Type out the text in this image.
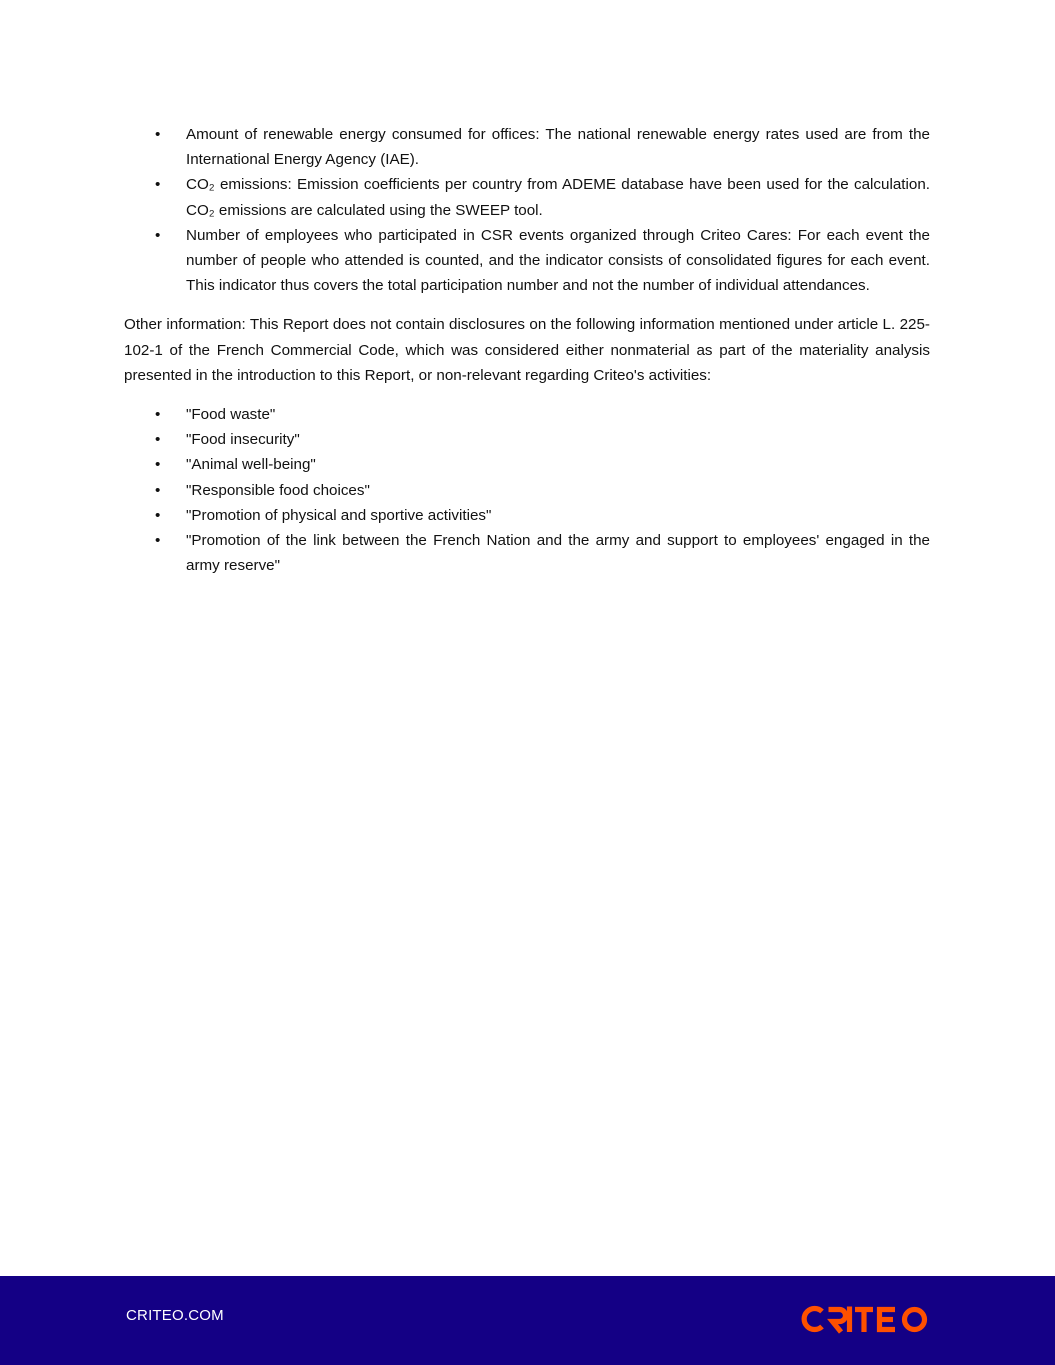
• Amount of renewable energy consumed for offices: The national renewable energy rates used are from the International Energy Agency (IAE).
• CO₂ emissions: Emission coefficients per country from ADEME database have been used for the calculation. CO₂ emissions are calculated using the SWEEP tool.
• Number of employees who participated in CSR events organized through Criteo Cares: For each event the number of people who attended is counted, and the indicator consists of consolidated figures for each event. This indicator thus covers the total participation number and not the number of individual attendances.

Other information: This Report does not contain disclosures on the following information mentioned under article L. 225-102-1 of the French Commercial Code, which was considered either nonmaterial as part of the materiality analysis presented in the introduction to this Report, or non-relevant regarding Criteo's activities:

• "Food waste"
• "Food insecurity"
• "Animal well-being"
• "Responsible food choices"
• "Promotion of physical and sportive activities"
• "Promotion of the link between the French Nation and the army and support to employees' engaged in the army reserve"
CRITEO.COM
